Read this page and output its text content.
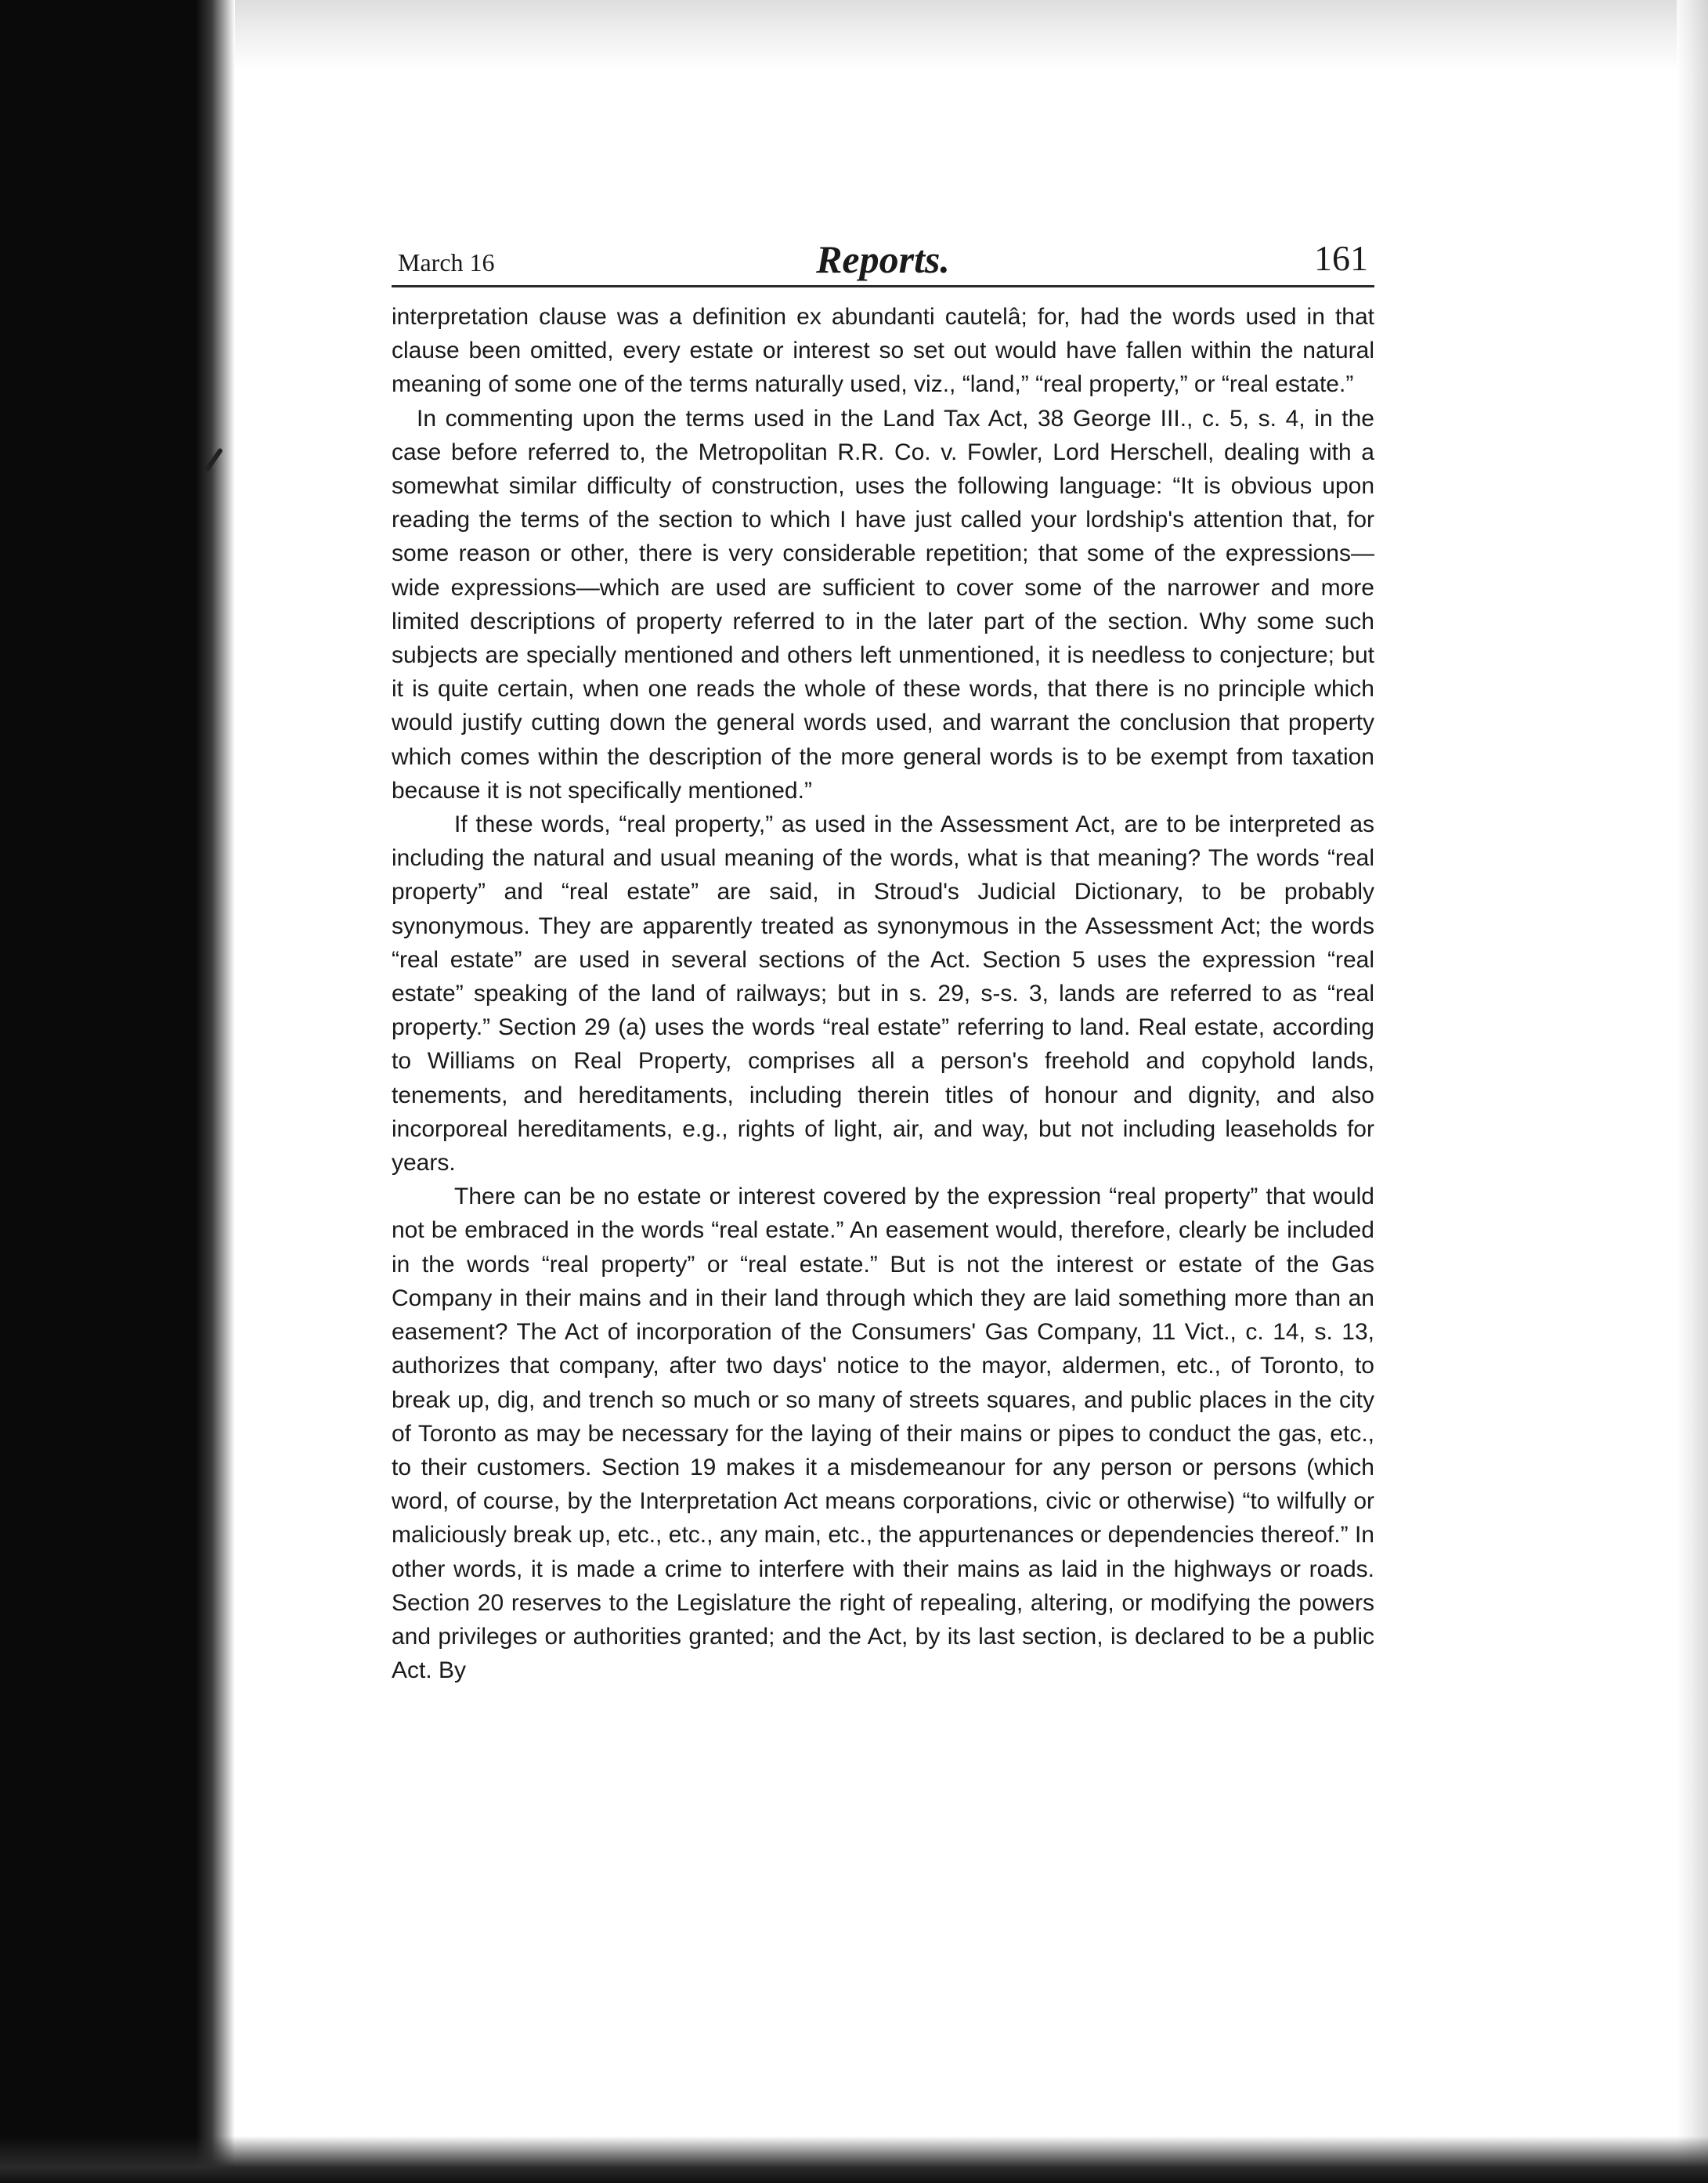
March 16	Reports.	161

interpretation clause was a definition ex abundanti cautelâ; for, had the words used in that clause been omitted, every estate or interest so set out would have fallen within the natural meaning of some one of the terms naturally used, viz., “land,” “real property,” or “real estate.”

In commenting upon the terms used in the Land Tax Act, 38 George III., c. 5, s. 4, in the case before referred to, the Metropolitan R.R. Co. v. Fowler, Lord Herschell, dealing with a somewhat similar difficulty of construction, uses the following language: “It is obvious upon reading the terms of the section to which I have just called your lordship's attention that, for some reason or other, there is very considerable repetition; that some of the expressions—wide expressions—which are used are sufficient to cover some of the narrower and more limited descriptions of property referred to in the later part of the section. Why some such subjects are specially mentioned and others left unmentioned, it is needless to conjecture; but it is quite certain, when one reads the whole of these words, that there is no principle which would justify cutting down the general words used, and warrant the conclusion that property which comes within the description of the more general words is to be exempt from taxation because it is not specifically mentioned.”

If these words, “real property,” as used in the Assessment Act, are to be interpreted as including the natural and usual meaning of the words, what is that meaning? The words “real property” and “real estate” are said, in Stroud's Judicial Dictionary, to be probably synonymous. They are apparently treated as synonymous in the Assessment Act; the words “real estate” are used in several sections of the Act. Section 5 uses the expression “real estate” speaking of the land of railways; but in s. 29, s-s. 3, lands are referred to as “real property.” Section 29 (a) uses the words “real estate” referring to land. Real estate, according to Williams on Real Property, comprises all a person's freehold and copyhold lands, tenements, and hereditaments, including therein titles of honour and dignity, and also incorporeal hereditaments, e.g., rights of light, air, and way, but not including leaseholds for years.

There can be no estate or interest covered by the expression “real property” that would not be embraced in the words “real estate.” An easement would, therefore, clearly be included in the words “real property” or “real estate.” But is not the interest or estate of the Gas Company in their mains and in their land through which they are laid something more than an easement? The Act of incorporation of the Consumers' Gas Company, 11 Vict., c. 14, s. 13, authorizes that company, after two days' notice to the mayor, aldermen, etc., of Toronto, to break up, dig, and trench so much or so many of streets squares, and public places in the city of Toronto as may be necessary for the laying of their mains or pipes to conduct the gas, etc., to their customers. Section 19 makes it a misdemeanour for any person or persons (which word, of course, by the Interpretation Act means corporations, civic or otherwise) “to wilfully or maliciously break up, etc., etc., any main, etc., the appurtenances or dependencies thereof.” In other words, it is made a crime to interfere with their mains as laid in the highways or roads. Section 20 reserves to the Legislature the right of repealing, altering, or modifying the powers and privileges or authorities granted; and the Act, by its last section, is declared to be a public Act. By
